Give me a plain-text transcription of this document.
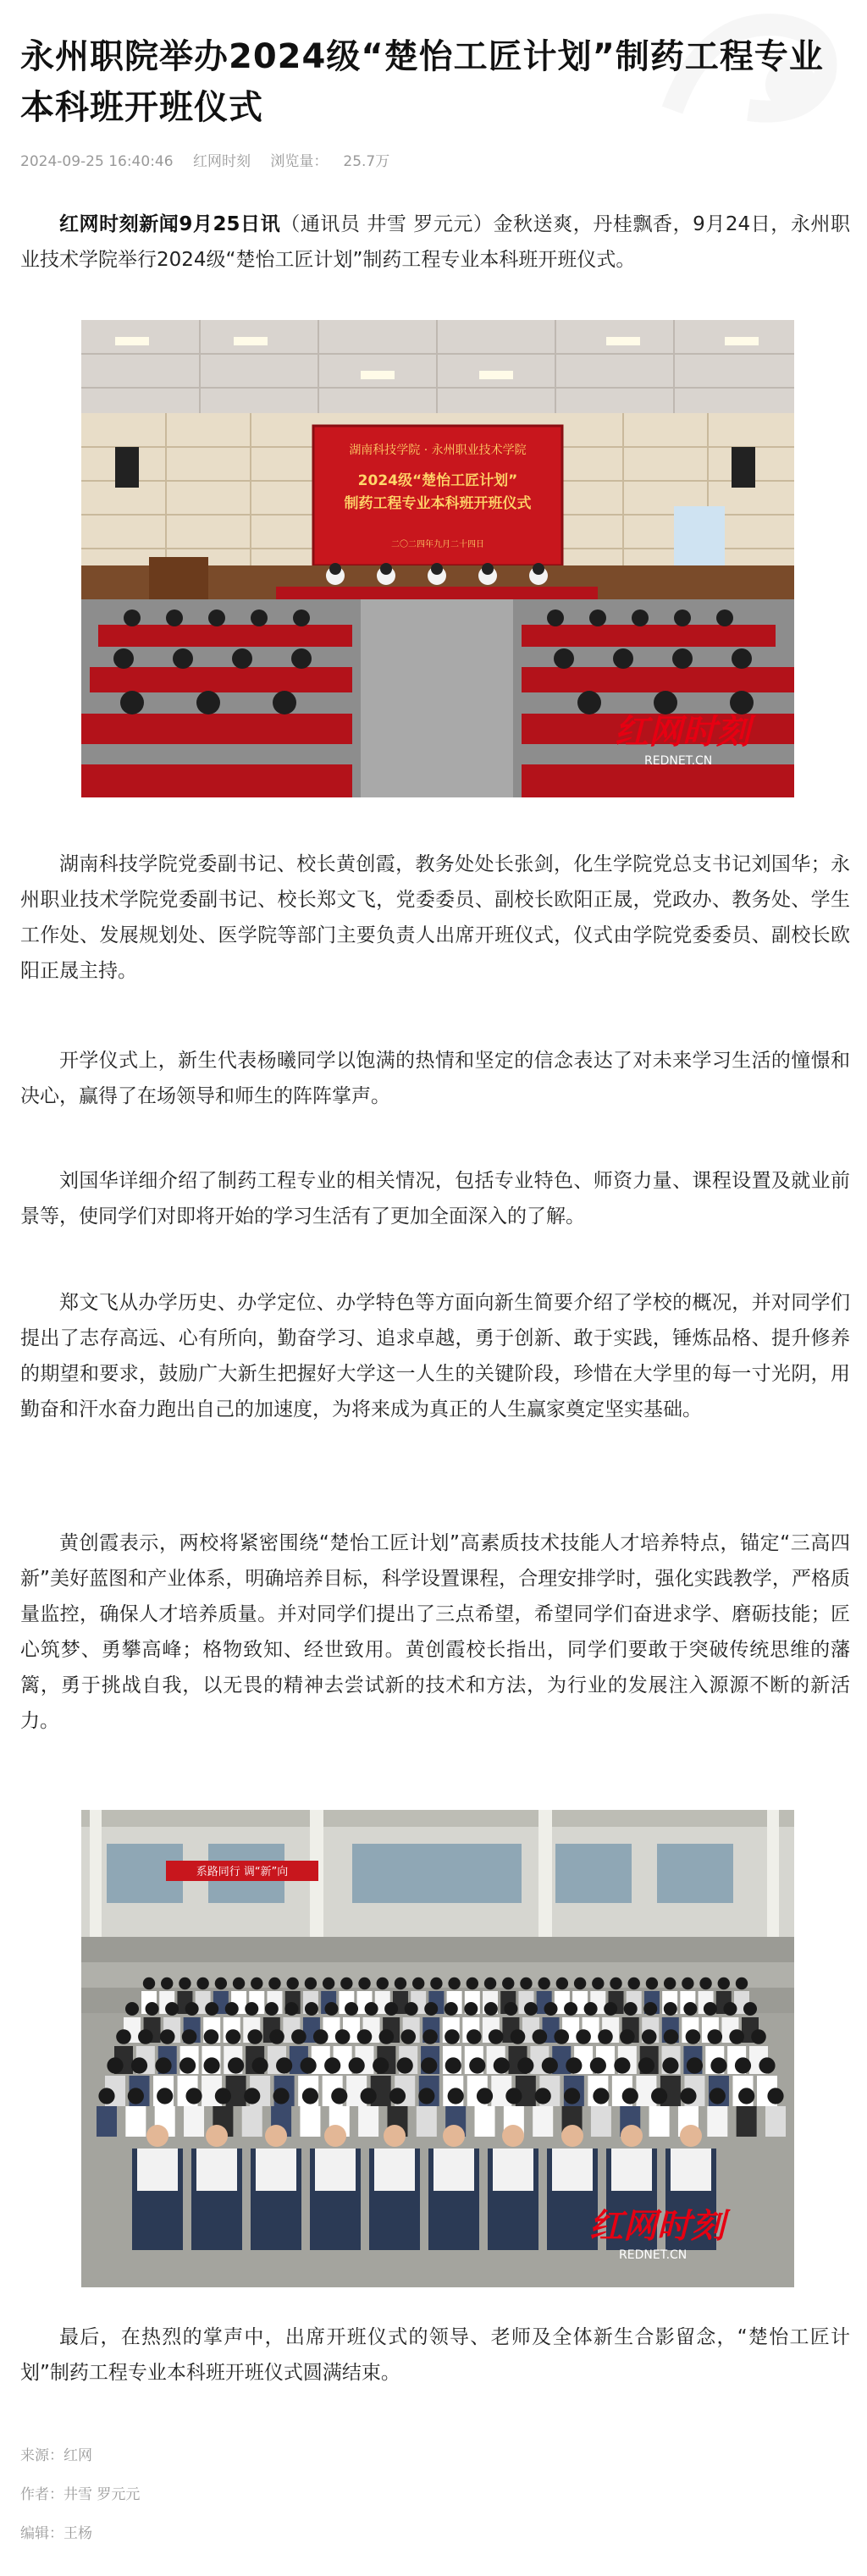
永州职院举办2024级“楚怡工匠计划”制药工程专业本科班开班仪式
2024-09-25 16:40:46 红网时刻 浏览量： 25.7万

红网时刻新闻9月25日讯（通讯员 井雪 罗元元）金秋送爽，丹桂飘香，9月24日，永州职业技术学院举行2024级“楚怡工匠计划”制药工程专业本科班开班仪式。

湖南科技学院 · 永州职业技术学院
2024级“楚怡工匠计划”
制药工程专业本科班开班仪式
二〇二四年九月二十四日
红网时刻
REDNET.CN

湖南科技学院党委副书记、校长黄创霞，教务处处长张剑，化生学院党总支书记刘国华；永州职业技术学院党委副书记、校长郑文飞，党委委员、副校长欧阳正晟，党政办、教务处、学生工作处、发展规划处、医学院等部门主要负责人出席开班仪式，仪式由学院党委委员、副校长欧阳正晟主持。

开学仪式上，新生代表杨曦同学以饱满的热情和坚定的信念表达了对未来学习生活的憧憬和决心，赢得了在场领导和师生的阵阵掌声。

刘国华详细介绍了制药工程专业的相关情况，包括专业特色、师资力量、课程设置及就业前景等，使同学们对即将开始的学习生活有了更加全面深入的了解。

郑文飞从办学历史、办学定位、办学特色等方面向新生简要介绍了学校的概况，并对同学们提出了志存高远、心有所向，勤奋学习、追求卓越，勇于创新、敢于实践，锤炼品格、提升修养的期望和要求，鼓励广大新生把握好大学这一人生的关键阶段，珍惜在大学里的每一寸光阴，用勤奋和汗水奋力跑出自己的加速度，为将来成为真正的人生赢家奠定坚实基础。

黄创霞表示，两校将紧密围绕“楚怡工匠计划”高素质技术技能人才培养特点，锚定“三高四新”美好蓝图和产业体系，明确培养目标，科学设置课程，合理安排学时，强化实践教学，严格质量监控，确保人才培养质量。并对同学们提出了三点希望，希望同学们奋进求学、磨砺技能；匠心筑梦、勇攀高峰；格物致知、经世致用。黄创霞校长指出，同学们要敢于突破传统思维的藩篱，勇于挑战自我，以无畏的精神去尝试新的技术和方法，为行业的发展注入源源不断的新活力。

系路同行 调“新”向
红网时刻
REDNET.CN

最后，在热烈的掌声中，出席开班仪式的领导、老师及全体新生合影留念，“楚怡工匠计划”制药工程专业本科班开班仪式圆满结束。

来源：红网
作者：井雪 罗元元
编辑：王杨
